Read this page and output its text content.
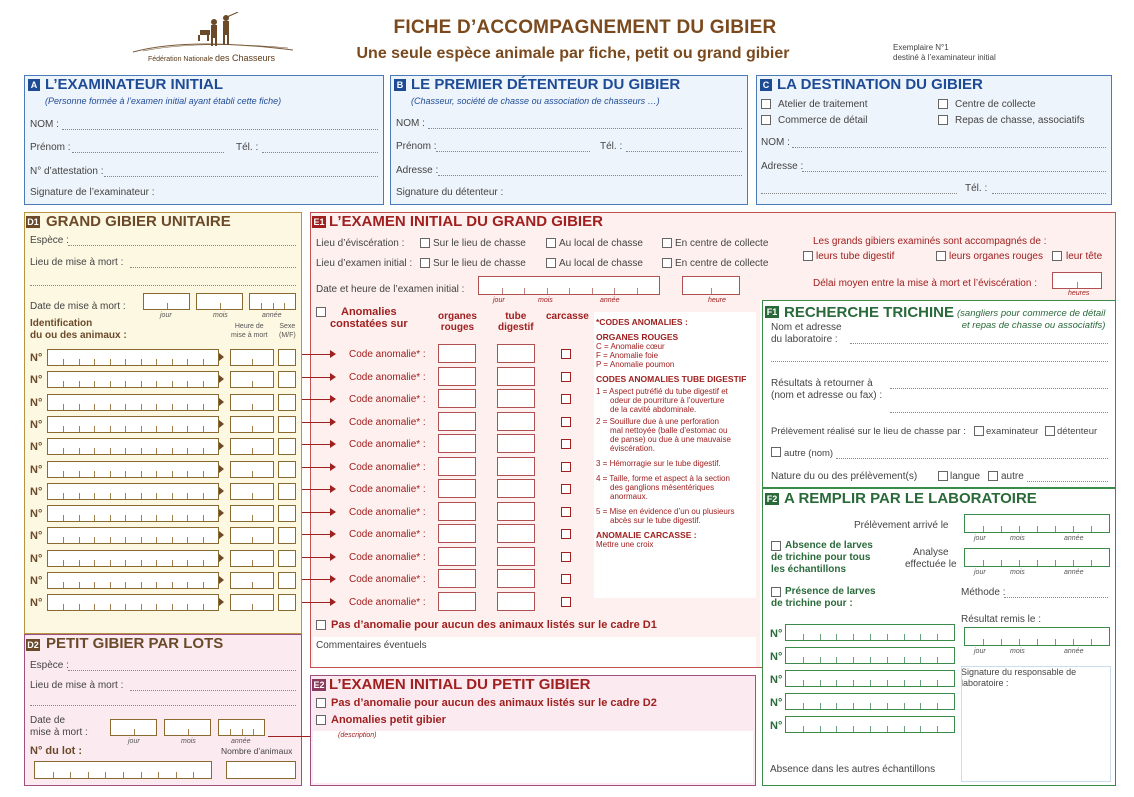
Fédération Nationale des Chasseurs
FICHE D’ACCOMPAGNEMENT DU GIBIER
Une seule espèce animale par fiche, petit ou grand gibier	Exemplaire N°1
destiné à l’examinateur initial
A L’EXAMINATEUR INITIAL
(Personne formée à l’examen initial ayant établi cette fiche)
NOM :
Prénom :	Tél. :
N° d’attestation :
Signature de l’examinateur :
B LE PREMIER DÉTENTEUR DU GIBIER
(Chasseur, société de chasse ou association de chasseurs …)
NOM :
Prénom :	Tél. :
Adresse :
Signature du détenteur :
C LA DESTINATION DU GIBIER
Atelier de traitement	Centre de collecte
Commerce de détail	Repas de chasse, associatifs
NOM :
Adresse :
Tél. :
D1 GRAND GIBIER UNITAIRE
Espèce :
Lieu de mise à mort :
Date de mise à mort :
jour	mois	année
Identification
du ou des animaux :
Heure de
mise à mort
Sexe
(M/F)
N°
N°
N°
N°
N°
N°
N°
N°
N°
N°
N°
N°
D2 PETIT GIBIER PAR LOTS
Espèce :
Lieu de mise à mort :
Date de
mise à mort :
jour	mois	année
Nombre d’animaux
N° du lot :
E1 L’EXAMEN INITIAL DU GRAND GIBIER
Lieu d’éviscération :
Lieu d’examen initial :
Sur le lieu de chasse	Au local de chasse	En centre de collecte
Sur le lieu de chasse	Au local de chasse	En centre de collecte
Les grands gibiers examinés sont accompagnés de :
leurs tube digestif	leurs organes rouges leur tête
Délai moyen entre la mise à mort et l’éviscération :
heures
Date et heure de l’examen initial :
jour	mois	année	heure
Anomalies
constatées sur
organes
rouges
tube
digestif
carcasse
Code anomalie* :
Code anomalie* :
Code anomalie* :
Code anomalie* :
Code anomalie* :
Code anomalie* :
Code anomalie* :
Code anomalie* :
Code anomalie* :
Code anomalie* :
Code anomalie* :
Code anomalie* :
*CODES ANOMALIES :
ORGANES ROUGES
C = Anomalie cœur
F = Anomalie foie
P = Anomalie poumon
CODES ANOMALIES TUBE DIGESTIF
1 = Aspect putréfié du tube digestif et
odeur de pourriture à l’ouverture
de la cavité abdominale.
2 = Souillure due à une perforation
mal nettoyée (balle d’estomac ou
de panse) ou due à une mauvaise
éviscération.
3 = Hémorragie sur le tube digestif.
4 = Taille, forme et aspect à la section
des ganglions mésentériques
anormaux.
5 = Mise en évidence d’un ou plusieurs
abcès sur le tube digestif.
ANOMALIE CARCASSE :
Mettre une croix
Pas d’anomalie pour aucun des animaux listés sur le cadre D1
Commentaires éventuels
E2 L’EXAMEN INITIAL DU PETIT GIBIER
Pas d’anomalie pour aucun des animaux listés sur le cadre D2
Anomalies petit gibier
(description)
F1 RECHERCHE TRICHINE (sangliers pour commerce de détail
et repas de chasse ou associatifs)
Nom et adresse
du laboratoire :
Résultats à retourner à
(nom et adresse ou fax) :
Prélèvement réalisé sur le lieu de chasse par : examinateur détenteur
autre (nom)
Nature du ou des prélèvement(s)	langue autre
F2 A REMPLIR PAR LE LABORATOIRE
Prélèvement arrivé le
jour	mois	année
Absence de larves
de trichine pour tous
les échantillons
Analyse
effectuée le
jour	mois	année
Présence de larves
de trichine pour :
Méthode :
Résultat remis le :
jour	mois	année
N°
N°
N°
N°
N°
Signature du responsable de
laboratoire :
Absence dans les autres échantillons
